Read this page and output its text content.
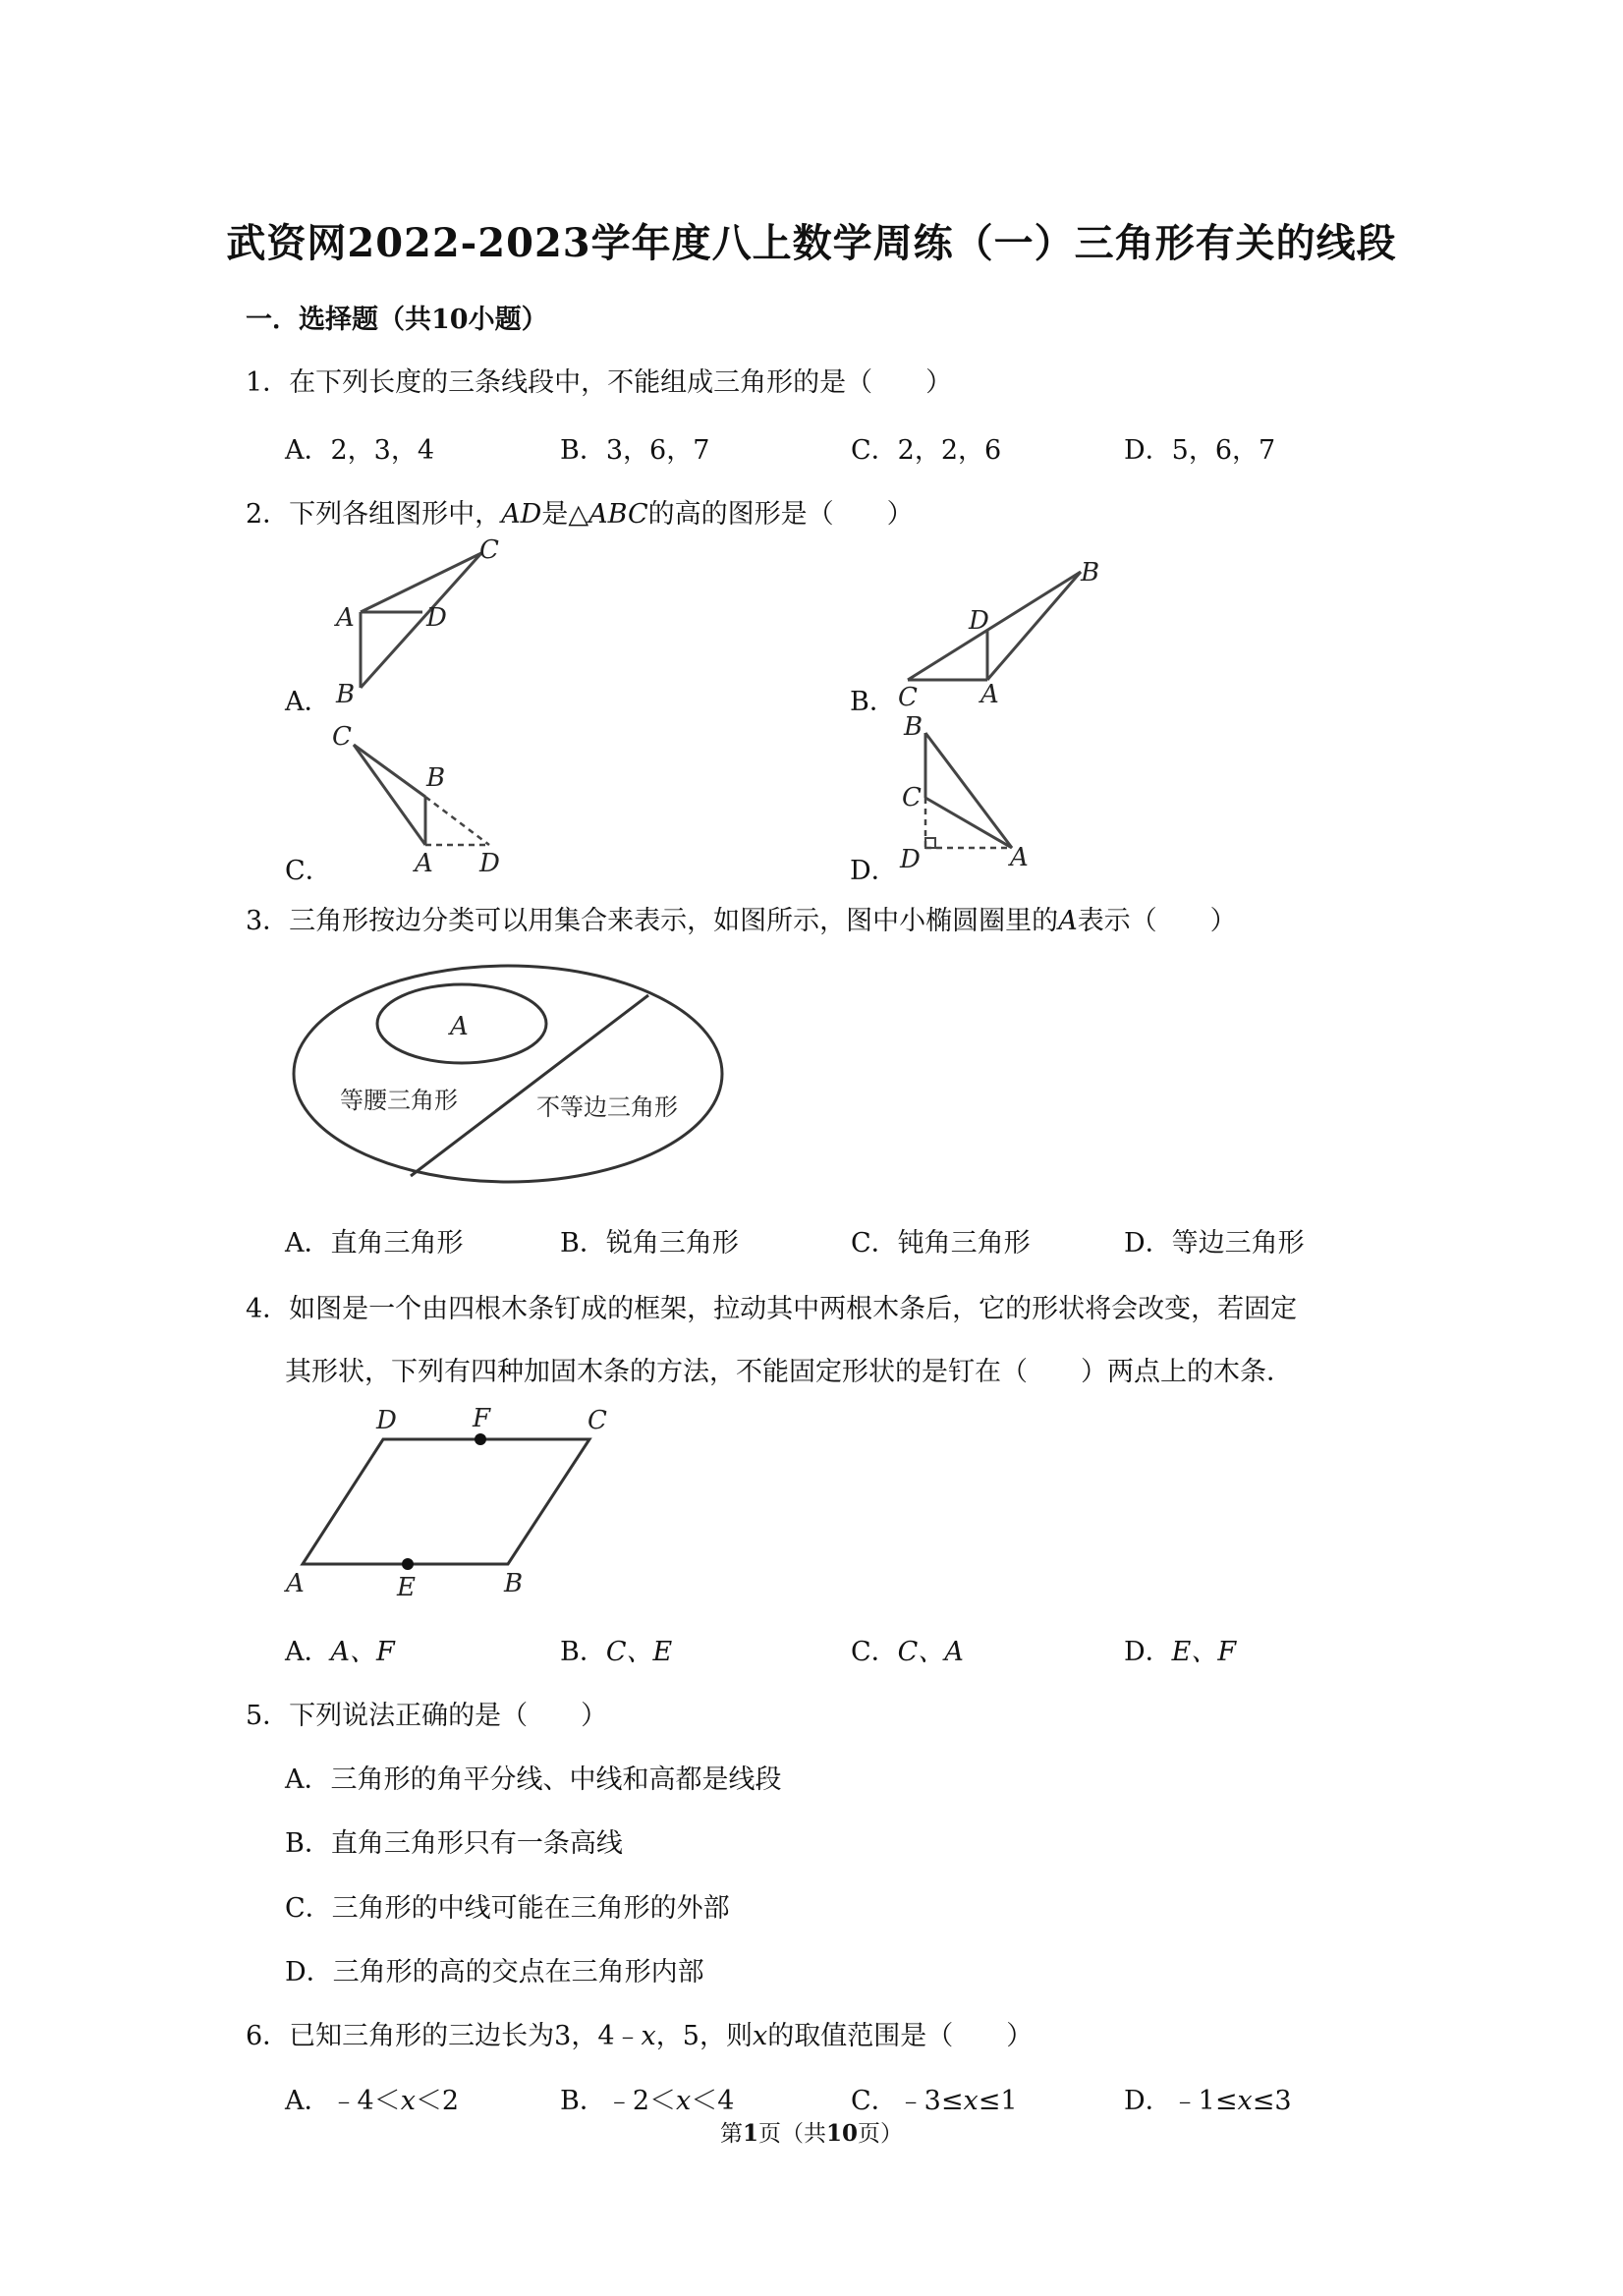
武资网2022-2023学年度八上数学周练（一）三角形有关的线段
一．选择题（共10小题）
1．在下列长度的三条线段中，不能组成三角形的是（　　）
A．2，3，4	B．3，6，7	C．2，2，6	D．5，6，7
2．下列各组图形中，AD是△ABC的高的图形是（　　）
A．
C
A	D
B	B．
B
D
C A
C．
C
B
A D	D．
B
C
D	A
3．三角形按边分类可以用集合来表示，如图所示，图中小椭圆圈里的A表示（　　）
A
等腰三角形	不等边三角形
A．直角三角形	B．锐角三角形	C．钝角三角形	D．等边三角形
4．如图是一个由四根木条钉成的框架，拉动其中两根木条后，它的形状将会改变，若固定
其形状，下列有四种加固木条的方法，不能固定形状的是钉在（　　）两点上的木条．
A	B
C
D
E
F
A．A、F	B．C、E	C．C、A	D．E、F
5．下列说法正确的是（　　）
A．三角形的角平分线、中线和高都是线段
B．直角三角形只有一条高线
C．三角形的中线可能在三角形的外部
D．三角形的高的交点在三角形内部
6．已知三角形的三边长为3，4﹣x，5，则x的取值范围是（　　）
A．﹣4＜x＜2	B．﹣2＜x＜4	C．﹣3≤x≤1	D．﹣1≤x≤3
第1页（共10页）
